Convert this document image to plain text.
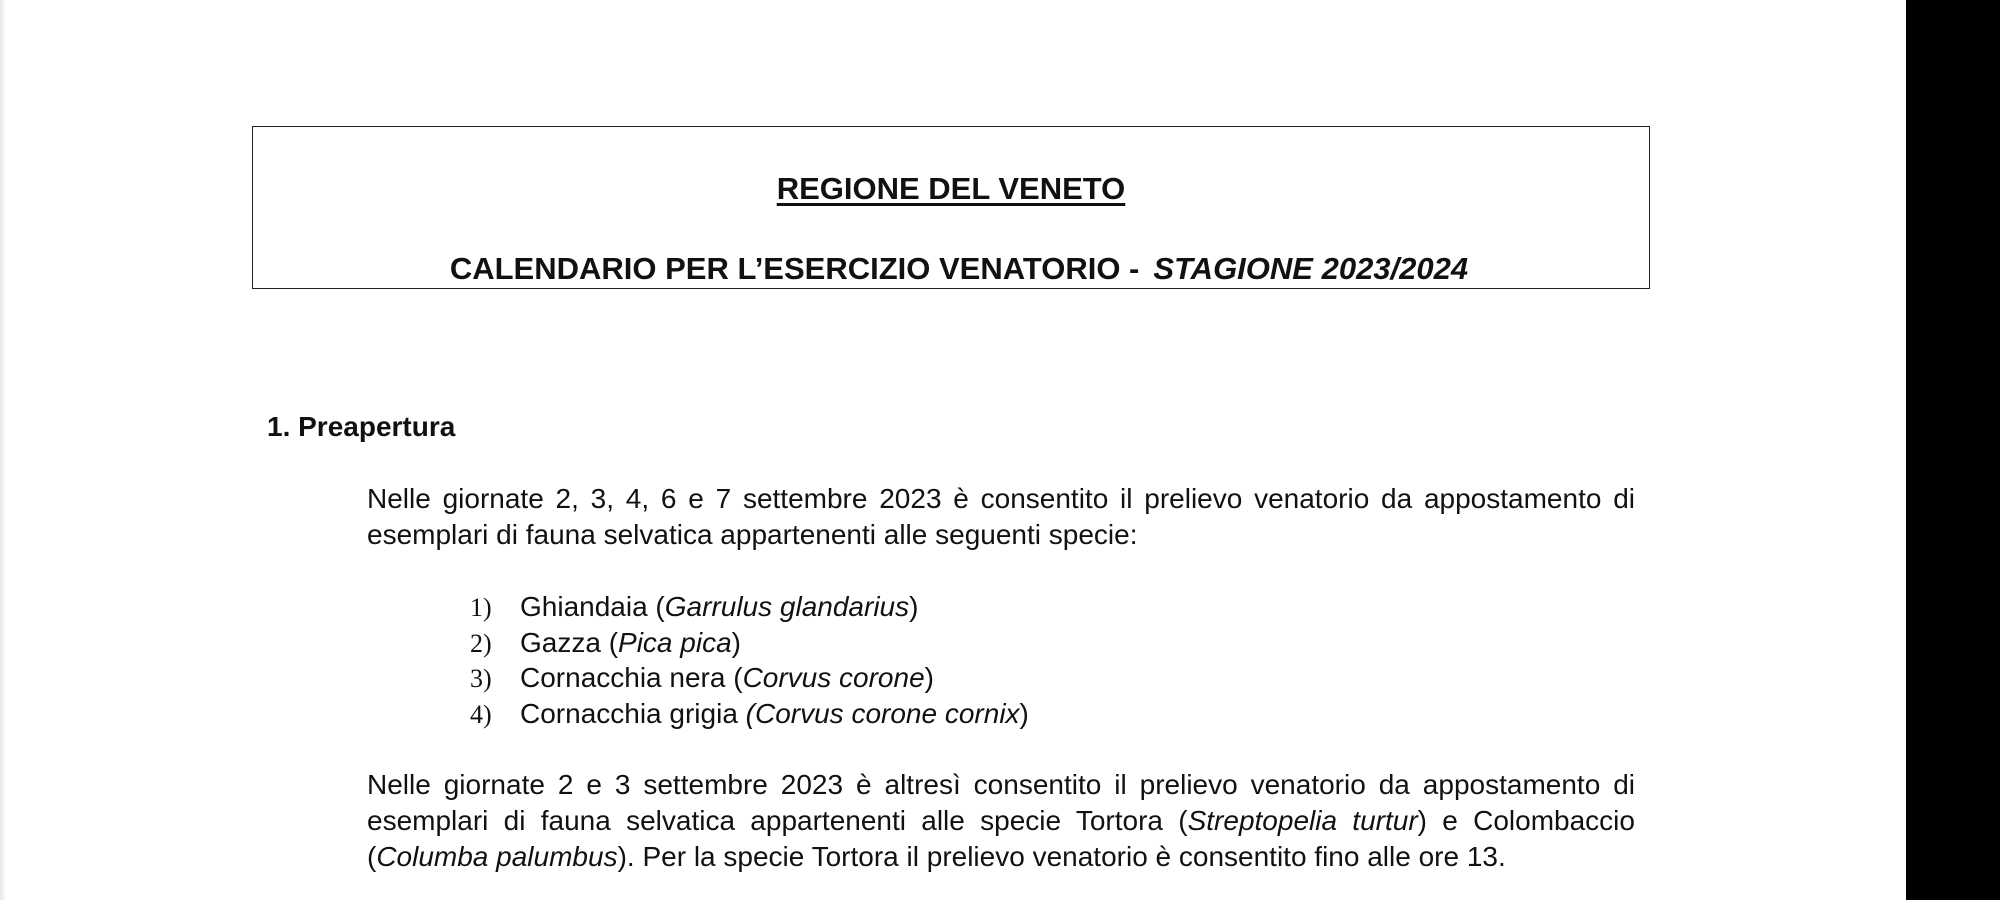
REGIONE DEL VENETO

CALENDARIO PER L’ESERCIZIO VENATORIO - STAGIONE 2023/2024

1. Preapertura

Nelle giornate 2, 3, 4, 6 e 7 settembre 2023 è consentito il prelievo venatorio da appostamento di esemplari di fauna selvatica appartenenti alle seguenti specie:

1) Ghiandaia (Garrulus glandarius)
2) Gazza (Pica pica)
3) Cornacchia nera (Corvus corone)
4) Cornacchia grigia (Corvus corone cornix)

Nelle giornate 2 e 3 settembre 2023 è altresì consentito il prelievo venatorio da appostamento di esemplari di fauna selvatica appartenenti alle specie Tortora (Streptopelia turtur) e Colombaccio (Columba palumbus). Per la specie Tortora il prelievo venatorio è consentito fino alle ore 13.
